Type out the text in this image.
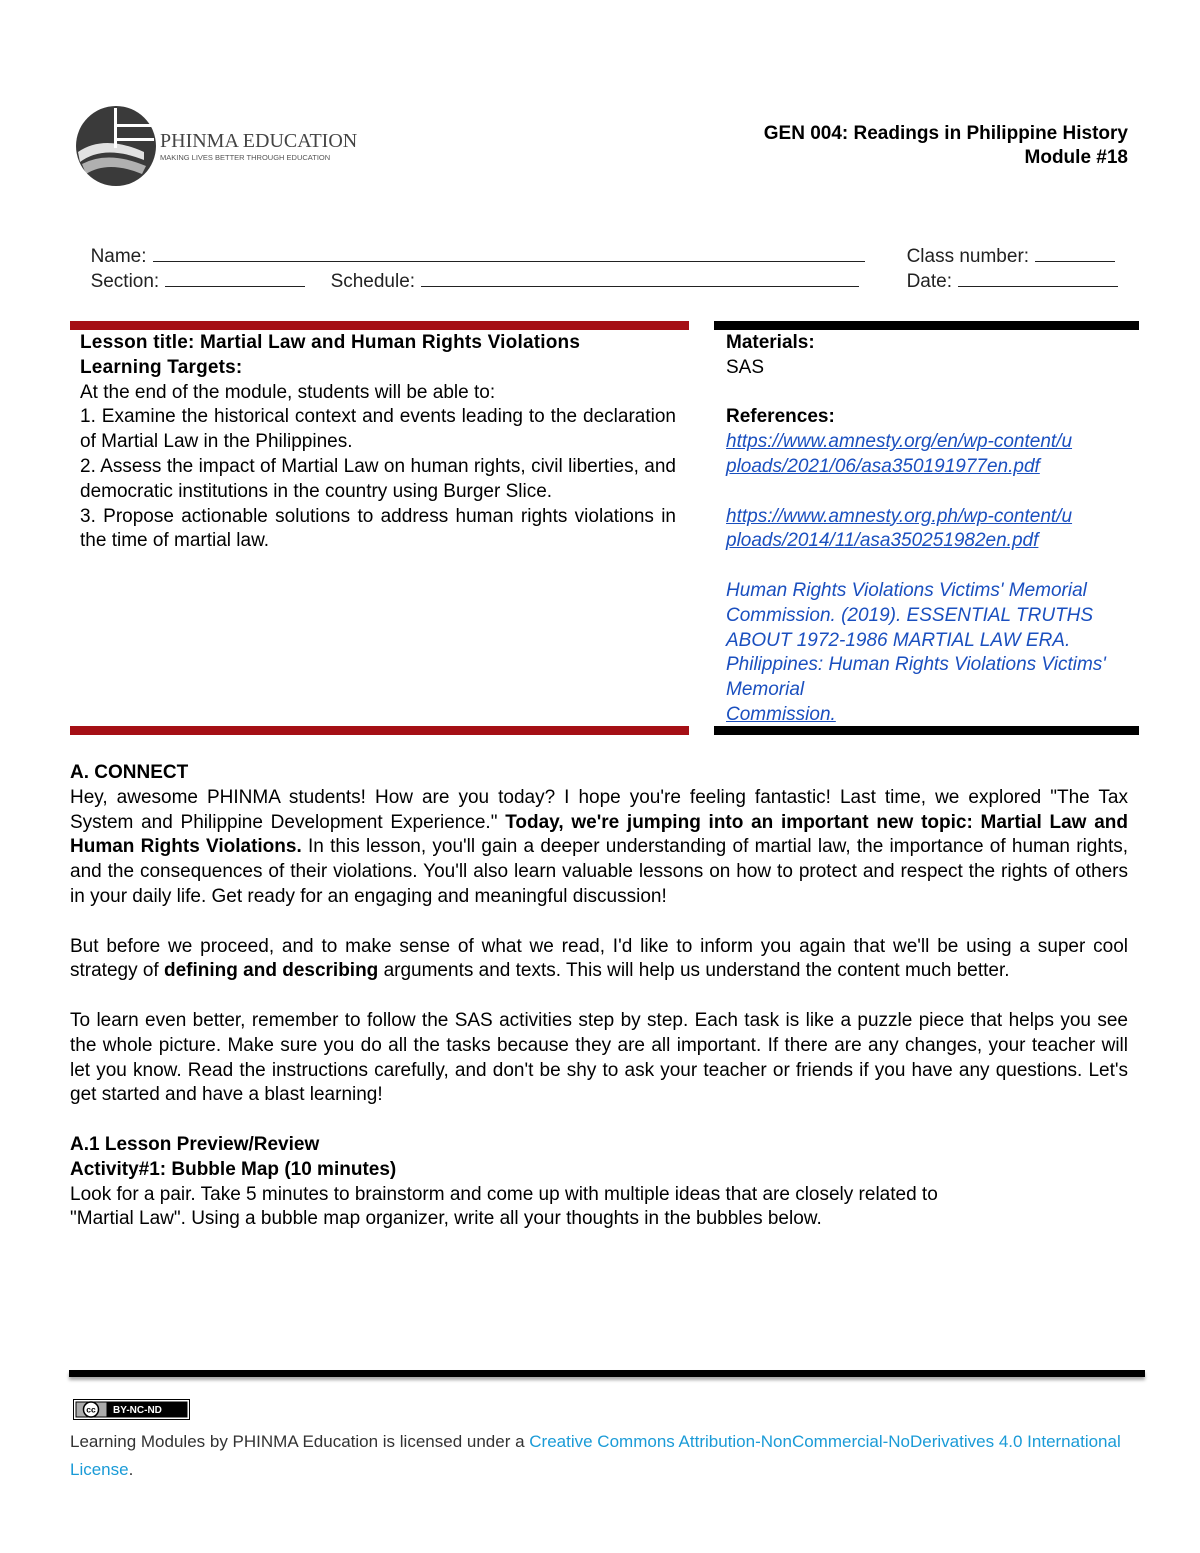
PHINMA EDUCATION
MAKING LIVES BETTER THROUGH EDUCATION
GEN 004: Readings in Philippine History
Module #18

Name:	Class number:

Section:	Schedule:	Date:

Lesson title: Martial Law and Human Rights Violations
Learning Targets:
At the end of the module, students will be able to:
1. Examine the historical context and events leading to the declaration of Martial Law in the Philippines.
2. Assess the impact of Martial Law on human rights, civil liberties, and democratic institutions in the country using Burger Slice.
3. Propose actionable solutions to address human rights violations in the time of martial law.
Materials:
SAS
References:
https://www.amnesty.org/en/wp-content/u
ploads/2021/06/asa350191977en.pdf
https://www.amnesty.org.ph/wp-content/u
ploads/2014/11/asa350251982en.pdf
Human Rights Violations Victims' Memorial Commission. (2019). ESSENTIAL TRUTHS ABOUT 1972-1986 MARTIAL LAW ERA. Philippines: Human Rights Violations Victims' Memorial
Commission.
A. CONNECT

Hey, awesome PHINMA students! How are you today? I hope you're feeling fantastic! Last time, we explored "The Tax System and Philippine Development Experience." Today, we're jumping into an important new topic: Martial Law and Human Rights Violations. In this lesson, you'll gain a deeper understanding of martial law, the importance of human rights, and the consequences of their violations. You'll also learn valuable lessons on how to protect and respect the rights of others in your daily life. Get ready for an engaging and meaningful discussion!

But before we proceed, and to make sense of what we read, I'd like to inform you again that we'll be using a super cool strategy of defining and describing arguments and texts. This will help us understand the content much better.

To learn even better, remember to follow the SAS activities step by step. Each task is like a puzzle piece that helps you see the whole picture. Make sure you do all the tasks because they are all important. If there are any changes, your teacher will let you know. Read the instructions carefully, and don't be shy to ask your teacher or friends if you have any questions. Let's get started and have a blast learning!

A.1 Lesson Preview/Review
Activity#1: Bubble Map (10 minutes)
Look for a pair. Take 5 minutes to brainstorm and come up with multiple ideas that are closely related to
"Martial Law". Using a bubble map organizer, write all your thoughts in the bubbles below.
cc BY-NC-ND
Learning Modules by PHINMA Education is licensed under a Creative Commons Attribution-NonCommercial-NoDerivatives 4.0 International License.
